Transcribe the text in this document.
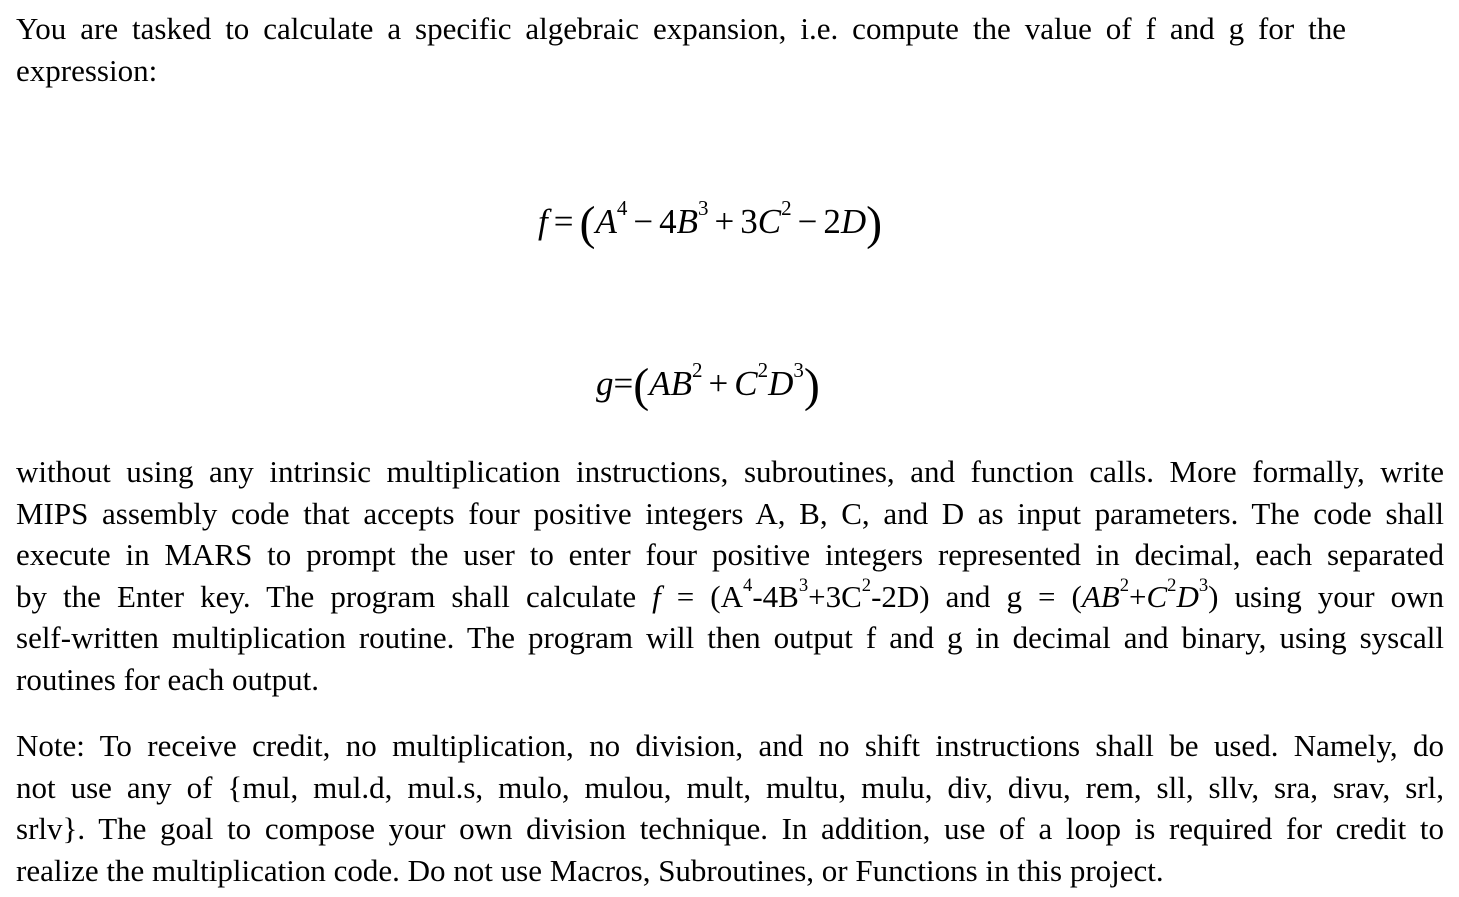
You are tasked to calculate a specific algebraic expansion, i.e. compute the value of f and g for the
expression:

$f = (A^4 - 4B^3 + 3C^2 - 2D)$
$g=(AB^2 + C^2D^3)$

without using any intrinsic multiplication instructions, subroutines, and function calls. More formally, write
MIPS assembly code that accepts four positive integers A, B, C, and D as input parameters. The code shall
execute in MARS to prompt the user to enter four positive integers represented in decimal, each separated
by the Enter key. The program shall calculate $f = (A^4-4B^3+3C^2-2D)$ and $g = (AB^2+C^2D^3)$ using your own
self-written multiplication routine. The program will then output f and g in decimal and binary, using syscall
routines for each output.

Note: To receive credit, no multiplication, no division, and no shift instructions shall be used. Namely, do
not use any of {mul, mul.d, mul.s, mulo, mulou, mult, multu, mulu, div, divu, rem, sll, sllv, sra, srav, srl,
srlv}. The goal to compose your own division technique. In addition, use of a loop is required for credit to
realize the multiplication code. Do not use Macros, Subroutines, or Functions in this project.
